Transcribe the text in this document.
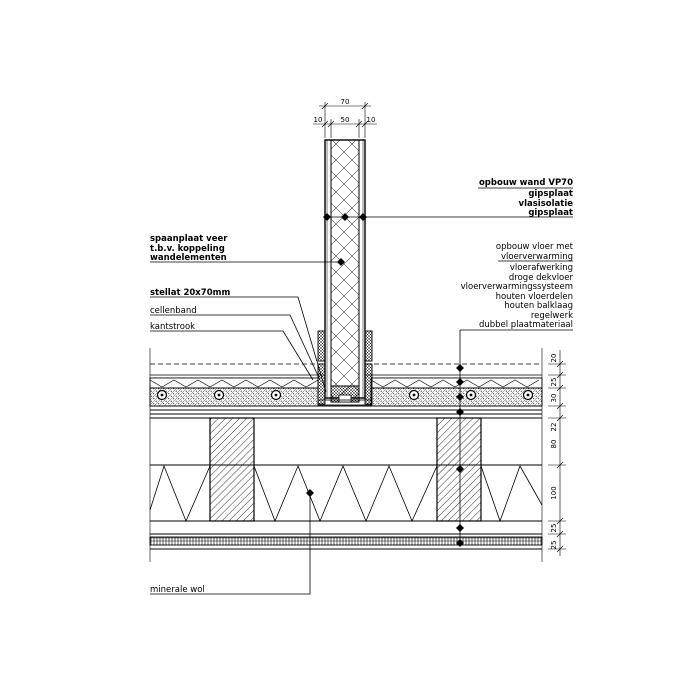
70
10	50 10
20
25
30
22
80
100
25
25
opbouw wand VP70
gipsplaat
vlasisolatie
gipsplaat
opbouw vloer met
vloerverwarming
vloerafwerking
droge dekvloer
vloerverwarmingssysteem
houten vloerdelen
houten balklaag
regelwerk
dubbel plaatmateriaal
spaanplaat veer
t.b.v. koppeling
wandelementen
stellat 20x70mm
cellenband
kantstrook
minerale wol
